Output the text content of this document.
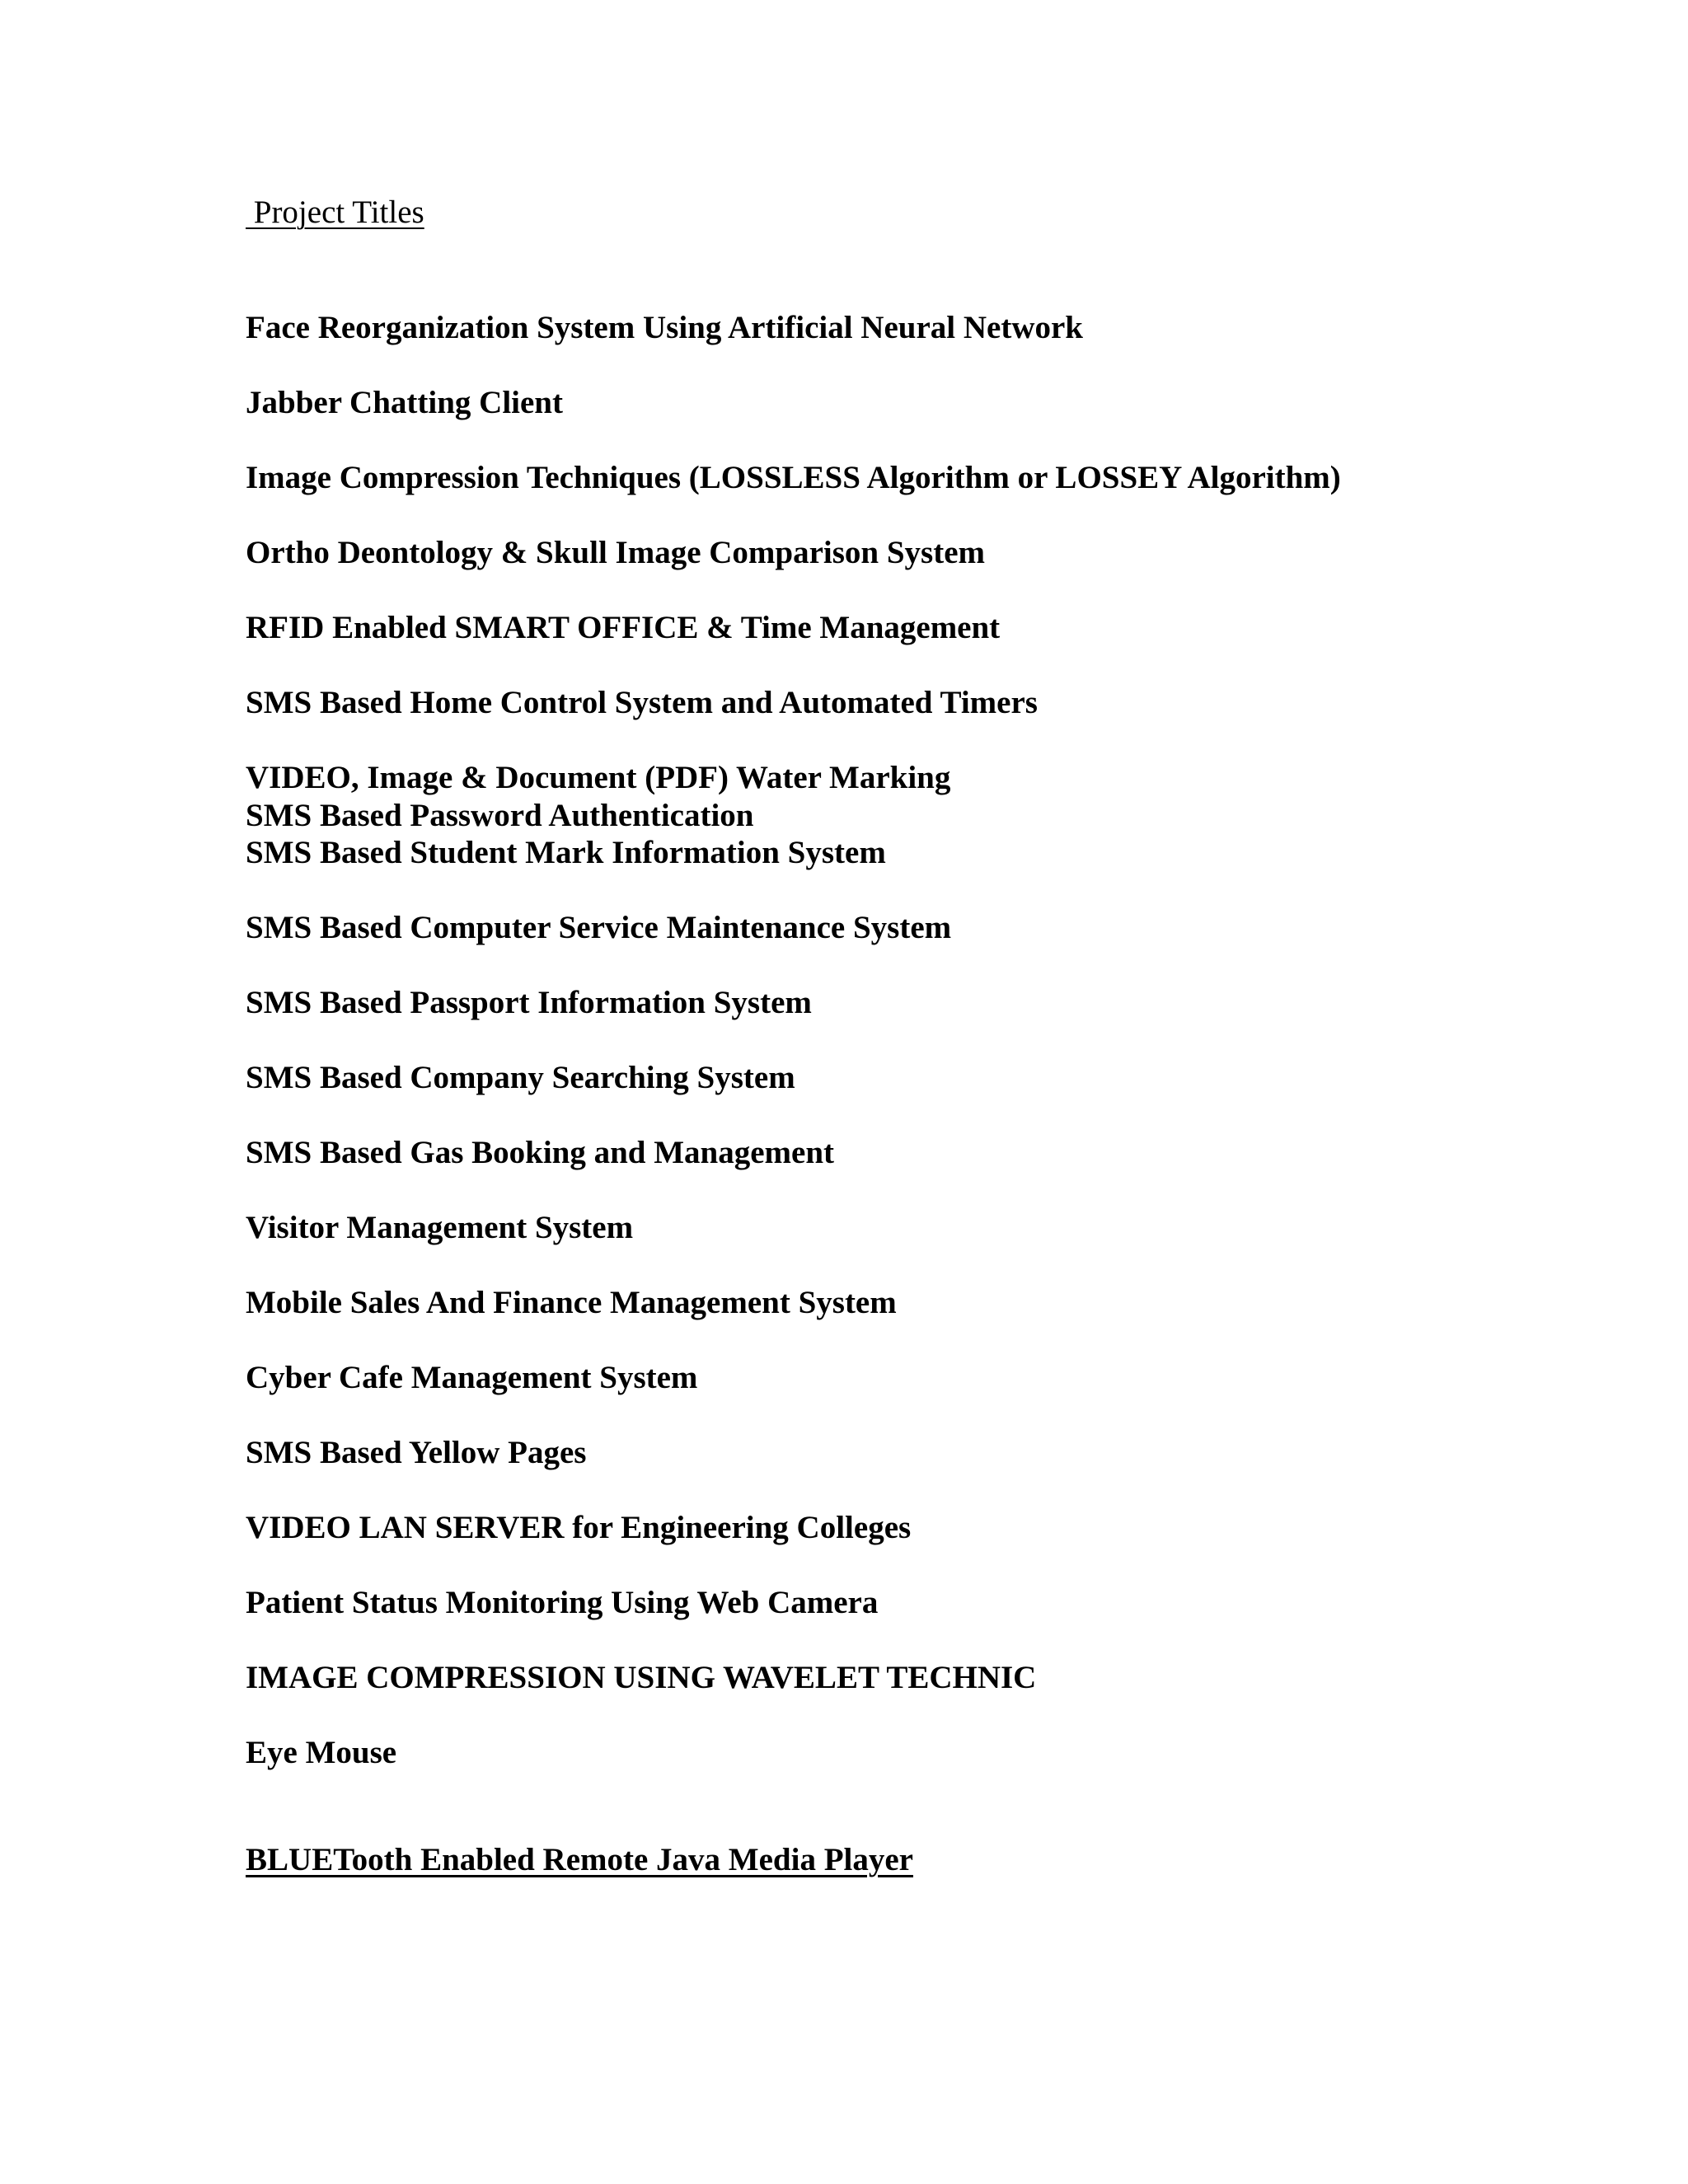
Project Titles
Face Reorganization System Using Artificial Neural Network
Jabber Chatting Client
Image Compression Techniques (LOSSLESS Algorithm or LOSSEY Algorithm)
Ortho Deontology & Skull Image Comparison System
RFID Enabled SMART OFFICE & Time Management
SMS Based Home Control System and Automated Timers
VIDEO, Image & Document (PDF) Water Marking
SMS Based Password Authentication
SMS Based Student Mark Information System
SMS Based Computer Service Maintenance System
SMS Based Passport Information System
SMS Based Company Searching System
SMS Based Gas Booking and Management
Visitor Management System
Mobile Sales And Finance Management System
Cyber Cafe Management System
SMS Based Yellow Pages
VIDEO LAN SERVER for Engineering Colleges
Patient Status Monitoring Using Web Camera
IMAGE COMPRESSION USING WAVELET TECHNIC
Eye Mouse
BLUETooth Enabled Remote Java Media Player
